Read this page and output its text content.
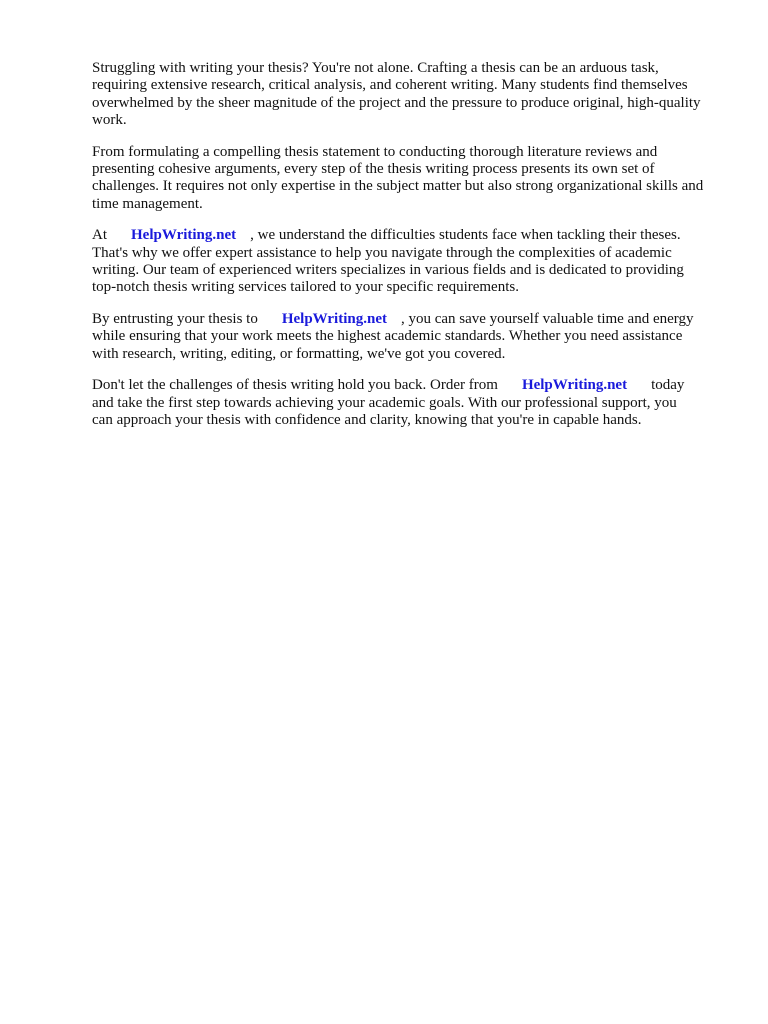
Struggling with writing your thesis? You're not alone. Crafting a thesis can be an arduous task,
requiring extensive research, critical analysis, and coherent writing. Many students find themselves
overwhelmed by the sheer magnitude of the project and the pressure to produce original, high-quality
work.

From formulating a compelling thesis statement to conducting thorough literature reviews and
presenting cohesive arguments, every step of the thesis writing process presents its own set of
challenges. It requires not only expertise in the subject matter but also strong organizational skills and
time management.

At HelpWriting.net , we understand the difficulties students face when tackling their theses.
That's why we offer expert assistance to help you navigate through the complexities of academic
writing. Our team of experienced writers specializes in various fields and is dedicated to providing
top-notch thesis writing services tailored to your specific requirements.

By entrusting your thesis to HelpWriting.net , you can save yourself valuable time and energy
while ensuring that your work meets the highest academic standards. Whether you need assistance
with research, writing, editing, or formatting, we've got you covered.

Don't let the challenges of thesis writing hold you back. Order from HelpWriting.net today
and take the first step towards achieving your academic goals. With our professional support, you
can approach your thesis with confidence and clarity, knowing that you're in capable hands.
